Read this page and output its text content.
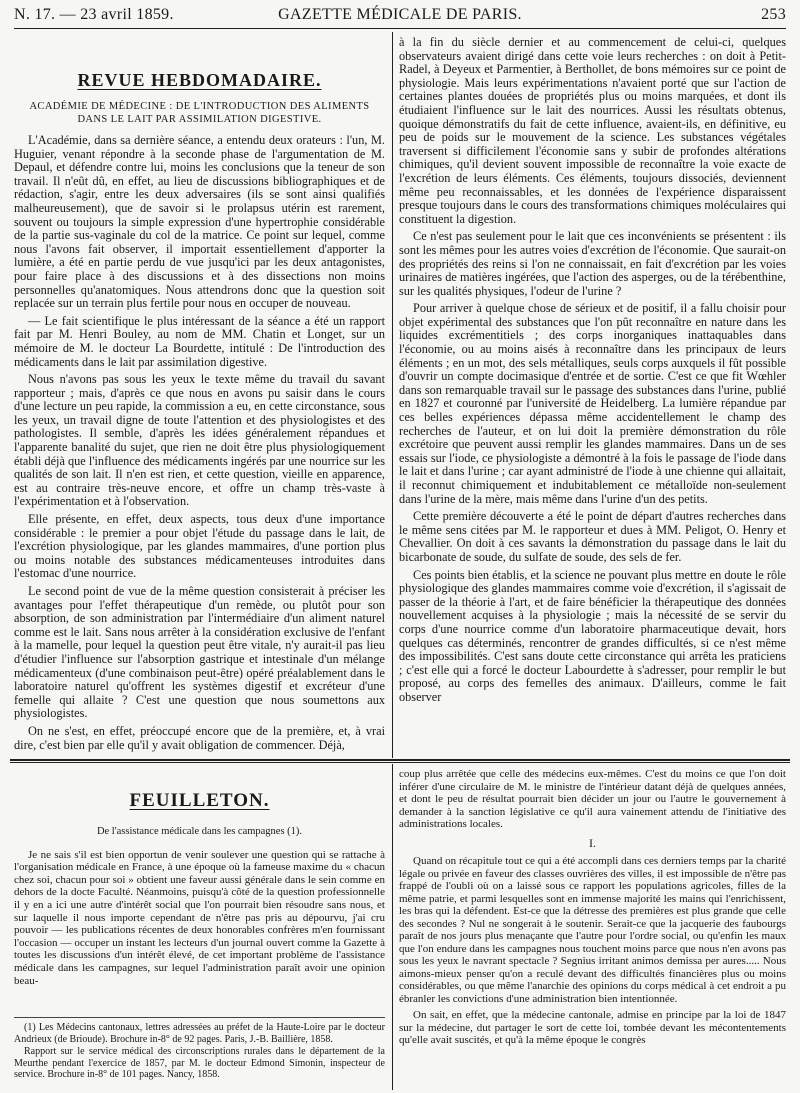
N. 17. — 23 avril 1859.	GAZETTE MÉDICALE DE PARIS.	253
REVUE HEBDOMADAIRE.
ACADÉMIE DE MÉDECINE : DE L'INTRODUCTION DES ALIMENTS DANS LE LAIT PAR ASSIMILATION DIGESTIVE.

L'Académie, dans sa dernière séance, a entendu deux orateurs : l'un, M. Huguier, venant répondre à la seconde phase de l'argumentation de M. Depaul, et défendre contre lui, moins les conclusions que la teneur de son travail. Il n'eût dû, en effet, au lieu de discussions bibliographiques et de rédaction, s'agir, entre les deux adversaires (ils se sont ainsi qualifiés malheureusement), que de savoir si le prolapsus utérin est rarement, souvent ou toujours la simple expression d'une hypertrophie considérable de la partie sus-vaginale du col de la matrice. Ce point sur lequel, comme nous l'avons fait observer, il importait essentiellement d'apporter la lumière, a été en partie perdu de vue jusqu'ici par les deux antagonistes, pour faire place à des discussions et à des dissections non moins personnelles qu'anatomiques. Nous attendrons donc que la question soit replacée sur un terrain plus fertile pour nous en occuper de nouveau.

— Le fait scientifique le plus intéressant de la séance a été un rapport fait par M. Henri Bouley, au nom de MM. Chatin et Longet, sur un mémoire de M. le docteur La Bourdette, intitulé : De l'introduction des médicaments dans le lait par assimilation digestive.

Nous n'avons pas sous les yeux le texte même du travail du savant rapporteur ; mais, d'après ce que nous en avons pu saisir dans le cours d'une lecture un peu rapide, la commission a eu, en cette circonstance, sous les yeux, un travail digne de toute l'attention et des physiologistes et des pathologistes. Il semble, d'après les idées généralement répandues et l'apparente banalité du sujet, que rien ne doit être plus physiologiquement établi déjà que l'influence des médicaments ingérés par une nourrice sur les qualités de son lait. Il n'en est rien, et cette question, vieille en apparence, est au contraire très-neuve encore, et offre un champ très-vaste à l'expérimentation et à l'observation.

Elle présente, en effet, deux aspects, tous deux d'une importance considérable : le premier a pour objet l'étude du passage dans le lait, de l'excrétion physiologique, par les glandes mammaires, d'une portion plus ou moins notable des substances médicamenteuses introduites dans l'estomac d'une nourrice.

Le second point de vue de la même question consisterait à préciser les avantages pour l'effet thérapeutique d'un remède, ou plutôt pour son absorption, de son administration par l'intermédiaire d'un aliment naturel comme est le lait. Sans nous arrêter à la considération exclusive de l'enfant à la mamelle, pour lequel la question peut être vitale, n'y aurait-il pas lieu d'étudier l'influence sur l'absorption gastrique et intestinale d'un mélange médicamenteux (d'une combinaison peut-être) opéré préalablement dans le laboratoire naturel qu'offrent les systèmes digestif et excréteur d'une femelle qui allaite ? C'est une question que nous soumettons aux physiologistes.

On ne s'est, en effet, préoccupé encore que de la première, et, à vrai dire, c'est bien par elle qu'il y avait obligation de commencer. Déjà,

à la fin du siècle dernier et au commencement de celui-ci, quelques observateurs avaient dirigé dans cette voie leurs recherches : on doit à Petit-Radel, à Deyeux et Parmentier, à Berthollet, de bons mémoires sur ce point de physiologie. Mais leurs expérimentations n'avaient porté que sur l'action de certaines plantes douées de propriétés plus ou moins marquées, et dont ils étudiaient l'influence sur le lait des nourrices. Aussi les résultats obtenus, quoique démonstratifs du fait de cette influence, avaient-ils, en définitive, eu peu de poids sur le mouvement de la science. Les substances végétales traversent si difficilement l'économie sans y subir de profondes altérations chimiques, qu'il devient souvent impossible de reconnaître la voie exacte de l'excrétion de leurs éléments. Ces éléments, toujours dissociés, deviennent même peu reconnaissables, et les données de l'expérience disparaissent presque toujours dans le cours des transformations chimiques moléculaires qui constituent la digestion.

Ce n'est pas seulement pour le lait que ces inconvénients se présentent : ils sont les mêmes pour les autres voies d'excrétion de l'économie. Que saurait-on des propriétés des reins si l'on ne connaissait, en fait d'excrétion par les voies urinaires de matières ingérées, que l'action des asperges, ou de la térébenthine, sur les qualités physiques, l'odeur de l'urine ?

Pour arriver à quelque chose de sérieux et de positif, il a fallu choisir pour objet expérimental des substances que l'on pût reconnaître en nature dans les liquides excrémentitiels ; des corps inorganiques inattaquables dans l'économie, ou au moins aisés à reconnaître dans les principaux de leurs éléments ; en un mot, des sels métalliques, seuls corps auxquels il fût possible d'ouvrir un compte docimasique d'entrée et de sortie. C'est ce que fit Wœhler dans son remarquable travail sur le passage des substances dans l'urine, publié en 1827 et couronné par l'université de Heidelberg. La lumière répandue par ces belles expériences dépassa même accidentellement le champ des recherches de l'auteur, et on lui doit la première démonstration du rôle excrétoire que peuvent aussi remplir les glandes mammaires. Dans un de ses essais sur l'iode, ce physiologiste a démontré à la fois le passage de l'iode dans le lait et dans l'urine ; car ayant administré de l'iode à une chienne qui allaitait, il reconnut chimiquement et indubitablement ce métalloïde non-seulement dans l'urine de la mère, mais même dans l'urine d'un des petits.

Cette première découverte a été le point de départ d'autres recherches dans le même sens citées par M. le rapporteur et dues à MM. Peligot, O. Henry et Chevallier. On doit à ces savants la démonstration du passage dans le lait du bicarbonate de soude, du sulfate de soude, des sels de fer.

Ces points bien établis, et la science ne pouvant plus mettre en doute le rôle physiologique des glandes mammaires comme voie d'excrétion, il s'agissait de passer de la théorie à l'art, et de faire bénéficier la thérapeutique des données nouvellement acquises à la physiologie ; mais la nécessité de se servir du corps d'une nourrice comme d'un laboratoire pharmaceutique devait, hors quelques cas déterminés, rencontrer de grandes difficultés, si ce n'est même des impossibilités. C'est sans doute cette circonstance qui arrêta les praticiens ; c'est elle qui a forcé le docteur Labourdette à s'adresser, pour remplir le but proposé, au corps des femelles des animaux. D'ailleurs, comme le fait observer

FEUILLETON.

De l'assistance médicale dans les campagnes (1).

Je ne sais s'il est bien opportun de venir soulever une question qui se rattache à l'organisation médicale en France, à une époque où la fameuse maxime du « chacun chez soi, chacun pour soi » obtient une faveur aussi générale dans le sein comme en dehors de la docte Faculté. Néanmoins, puisqu'à côté de la question professionnelle il y en a ici une autre d'intérêt social que l'on pourrait bien résoudre sans nous, et sur laquelle il nous importe cependant de n'être pas pris au dépourvu, j'ai cru pouvoir — les publications récentes de deux honorables confrères m'en fournissant l'occasion — occuper un instant les lecteurs d'un journal ouvert comme la Gazette à toutes les discussions d'un intérêt élevé, de cet important problème de l'assistance médicale dans les campagnes, sur lequel l'administration paraît avoir une opinion beau-

(1) Les Médecins cantonaux, lettres adressées au préfet de la Haute-Loire par le docteur Andrieux (de Brioude). Brochure in-8° de 92 pages. Paris, J.-B. Baillière, 1858.

Rapport sur le service médical des circonscriptions rurales dans le département de la Meurthe pendant l'exercice de 1857, par M. le docteur Edmond Simonin, inspecteur de service. Brochure in-8° de 101 pages. Nancy, 1858.

coup plus arrêtée que celle des médecins eux-mêmes. C'est du moins ce que l'on doit inférer d'une circulaire de M. le ministre de l'intérieur datant déjà de quelques années, et dont le peu de résultat pourrait bien décider un jour ou l'autre le gouvernement à demander à la sanction législative ce qu'il aura vainement attendu de l'initiative des administrations locales.

I.

Quand on récapitule tout ce qui a été accompli dans ces derniers temps par la charité légale ou privée en faveur des classes ouvrières des villes, il est impossible de n'être pas frappé de l'oubli où on a laissé sous ce rapport les populations agricoles, filles de la même patrie, et parmi lesquelles sont en immense majorité les mains qui l'enrichissent, les bras qui la défendent. Est-ce que la détresse des premières est plus grande que celle des secondes ? Nul ne songerait à le soutenir. Serait-ce que la jacquerie des faubourgs paraît de nos jours plus menaçante que l'autre pour l'ordre social, ou qu'enfin les maux que l'on endure dans les campagnes nous touchent moins parce que nous n'en avons pas sous les yeux le navrant spectacle ? Segnius irritant animos demissa per aures..... Nous aimons-mieux penser qu'on a reculé devant des difficultés financières plus ou moins considérables, ou que même l'anarchie des opinions du corps médical à cet endroit a pu ébranler les convictions d'une administration bien intentionnée.

On sait, en effet, que la médecine cantonale, admise en principe par la loi de 1847 sur la médecine, dut partager le sort de cette loi, tombée devant les mécontentements qu'elle avait suscités, et qu'à la même époque le congrès
